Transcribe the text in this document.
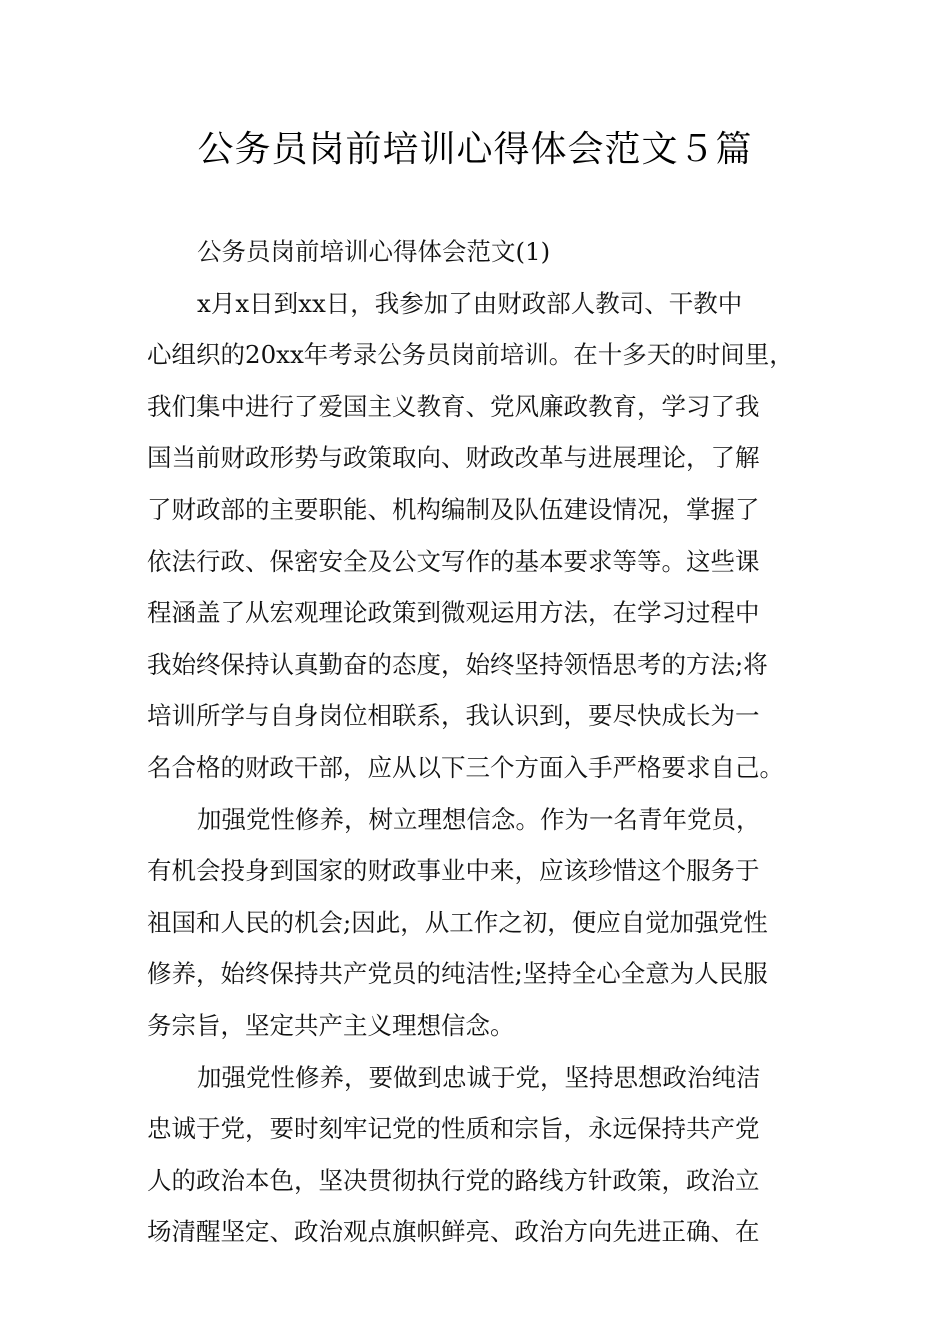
公务员岗前培训心得体会范文５篇
公务员岗前培训心得体会范文(1)
x月x日到xx日，我参加了由财政部人教司、干教中
心组织的20xx年考录公务员岗前培训。在十多天的时间里，
我们集中进行了爱国主义教育、党风廉政教育，学习了我
国当前财政形势与政策取向、财政改革与进展理论，了解
了财政部的主要职能、机构编制及队伍建设情况，掌握了
依法行政、保密安全及公文写作的基本要求等等。这些课
程涵盖了从宏观理论政策到微观运用方法，在学习过程中
我始终保持认真勤奋的态度，始终坚持领悟思考的方法;将
培训所学与自身岗位相联系，我认识到，要尽快成长为一
名合格的财政干部，应从以下三个方面入手严格要求自己。
加强党性修养，树立理想信念。作为一名青年党员，
有机会投身到国家的财政事业中来，应该珍惜这个服务于
祖国和人民的机会;因此，从工作之初，便应自觉加强党性
修养，始终保持共产党员的纯洁性;坚持全心全意为人民服
务宗旨，坚定共产主义理想信念。
加强党性修养，要做到忠诚于党，坚持思想政治纯洁
忠诚于党，要时刻牢记党的性质和宗旨，永远保持共产党
人的政治本色，坚决贯彻执行党的路线方针政策，政治立
场清醒坚定、政治观点旗帜鲜亮、政治方向先进正确、在
